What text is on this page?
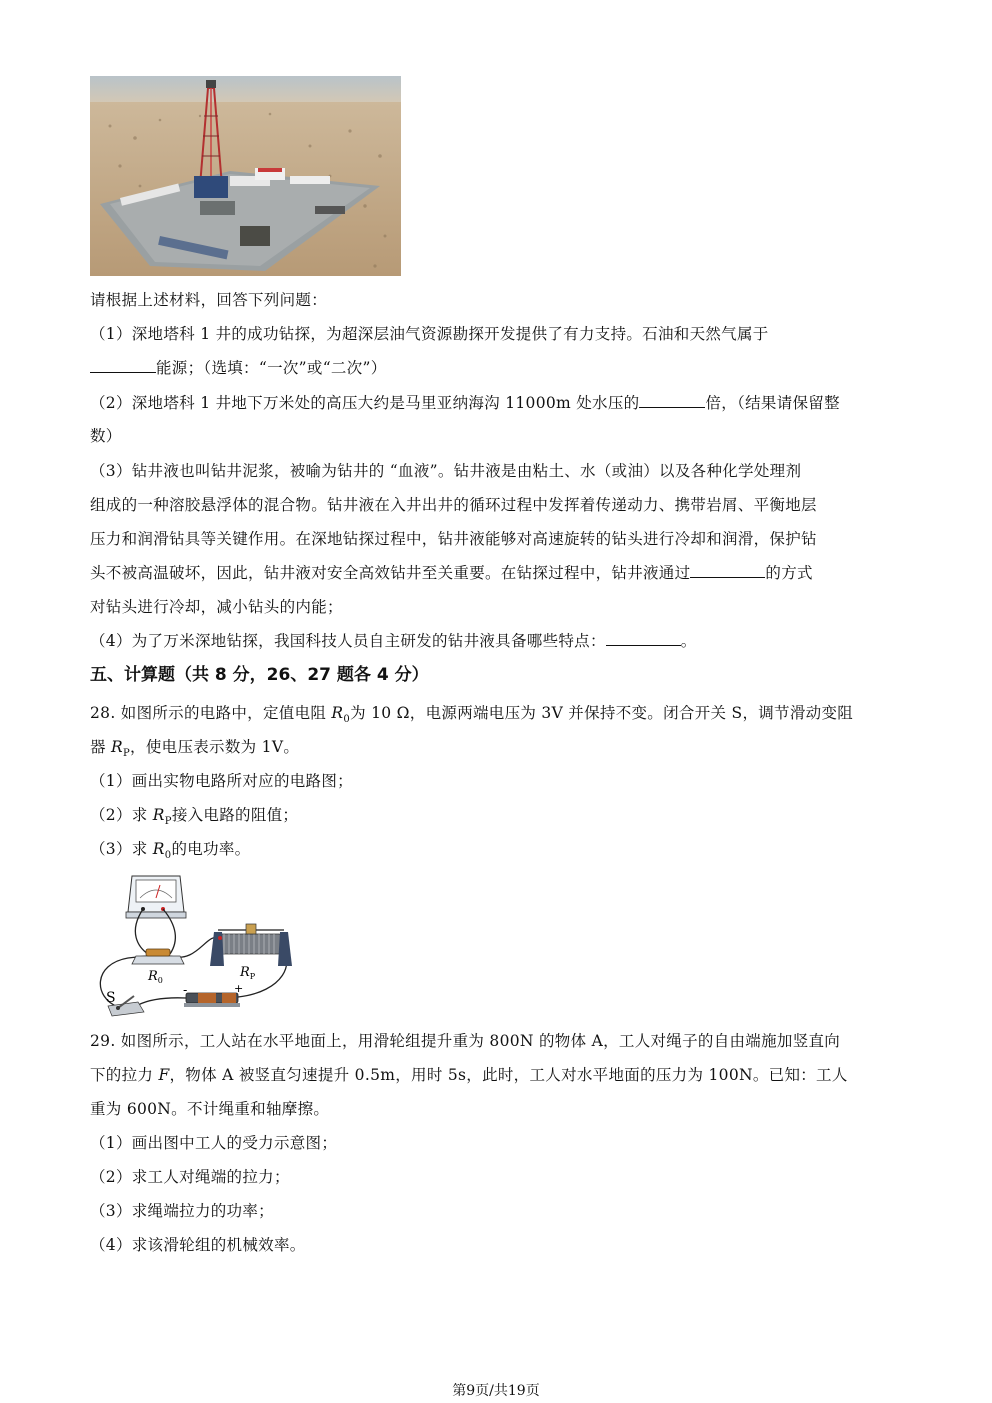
请根据上述材料，回答下列问题：
（1）深地塔科 1 井的成功钻探，为超深层油气资源勘探开发提供了有力支持。石油和天然气属于
能源；（选填：“一次”或“二次”）
（2）深地塔科 1 井地下万米处的高压大约是马里亚纳海沟 11000m 处水压的	倍，（结果请保留整
数）
（3）钻井液也叫钻井泥浆，被喻为钻井的 “血液”。钻井液是由粘土、水（或油）以及各种化学处理剂
组成的一种溶胶悬浮体的混合物。钻井液在入井出井的循环过程中发挥着传递动力、携带岩屑、平衡地层
压力和润滑钻具等关键作用。在深地钻探过程中，钻井液能够对高速旋转的钻头进行冷却和润滑，保护钻
头不被高温破坏，因此，钻井液对安全高效钻井至关重要。在钻探过程中，钻井液通过	的方式
对钻头进行冷却，减小钻头的内能；
（4）为了万米深地钻探，我国科技人员自主研发的钻井液具备哪些特点：	。
五、计算题（共 8 分，26、27 题各 4 分）
28. 如图所示的电路中，定值电阻 $R_0$为 10 Ω，电源两端电压为 3V 并保持不变。闭合开关 S，调节滑动变阻
器 $R_P$，使电压表示数为 1V。
（1）画出实物电路所对应的电路图；
（2）求 $R_P$接入电路的阻值；
（3）求 $R_0$的电功率。
$R_0$
$R_P$
-	+
S
29. 如图所示，工人站在水平地面上，用滑轮组提升重为 800N 的物体 A，工人对绳子的自由端施加竖直向
下的拉力 F，物体 A 被竖直匀速提升 0.5m，用时 5s，此时，工人对水平地面的压力为 100N。已知：工人
重为 600N。不计绳重和轴摩擦。
（1）画出图中工人的受力示意图；
（2）求工人对绳端的拉力；
（3）求绳端拉力的功率；
（4）求该滑轮组的机械效率。
第9页/共19页
